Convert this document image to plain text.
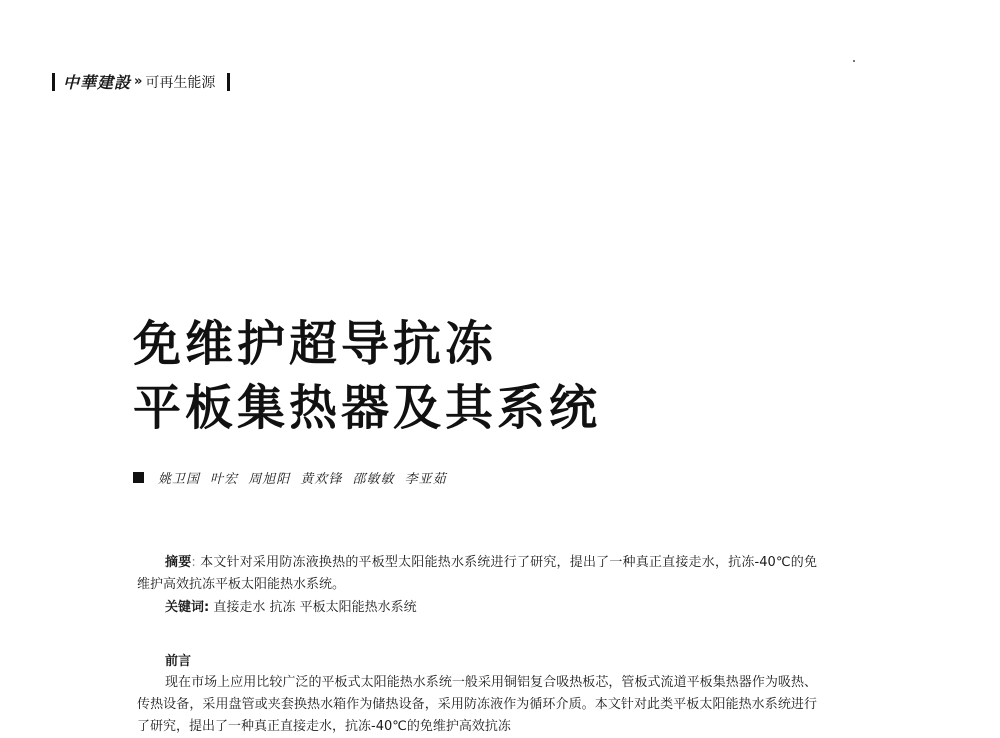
中華建設 » 可再生能源
免维护超导抗冻
平板集热器及其系统
姚卫国 叶宏 周旭阳 黄欢锋 邵敏敏 李亚茹
摘要: 本文针对采用防冻液换热的平板型太阳能热水系统进行了研究，提出了一种真正直接走水，抗冻-40℃的免维护高效抗冻平板太阳能热水系统。
关键词: 直接走水 抗冻 平板太阳能热水系统
前言
现在市场上应用比较广泛的平板式太阳能热水系统一般采用铜铝复合吸热板芯，管板式流道平板集热器作为吸热、传热设备，采用盘管或夹套换热水箱作为储热设备，采用防冻液作为循环介质。本文针对此类平板太阳能热水系统进行了研究，提出了一种真正直接走水，抗冻-40℃的免维护高效抗冻
